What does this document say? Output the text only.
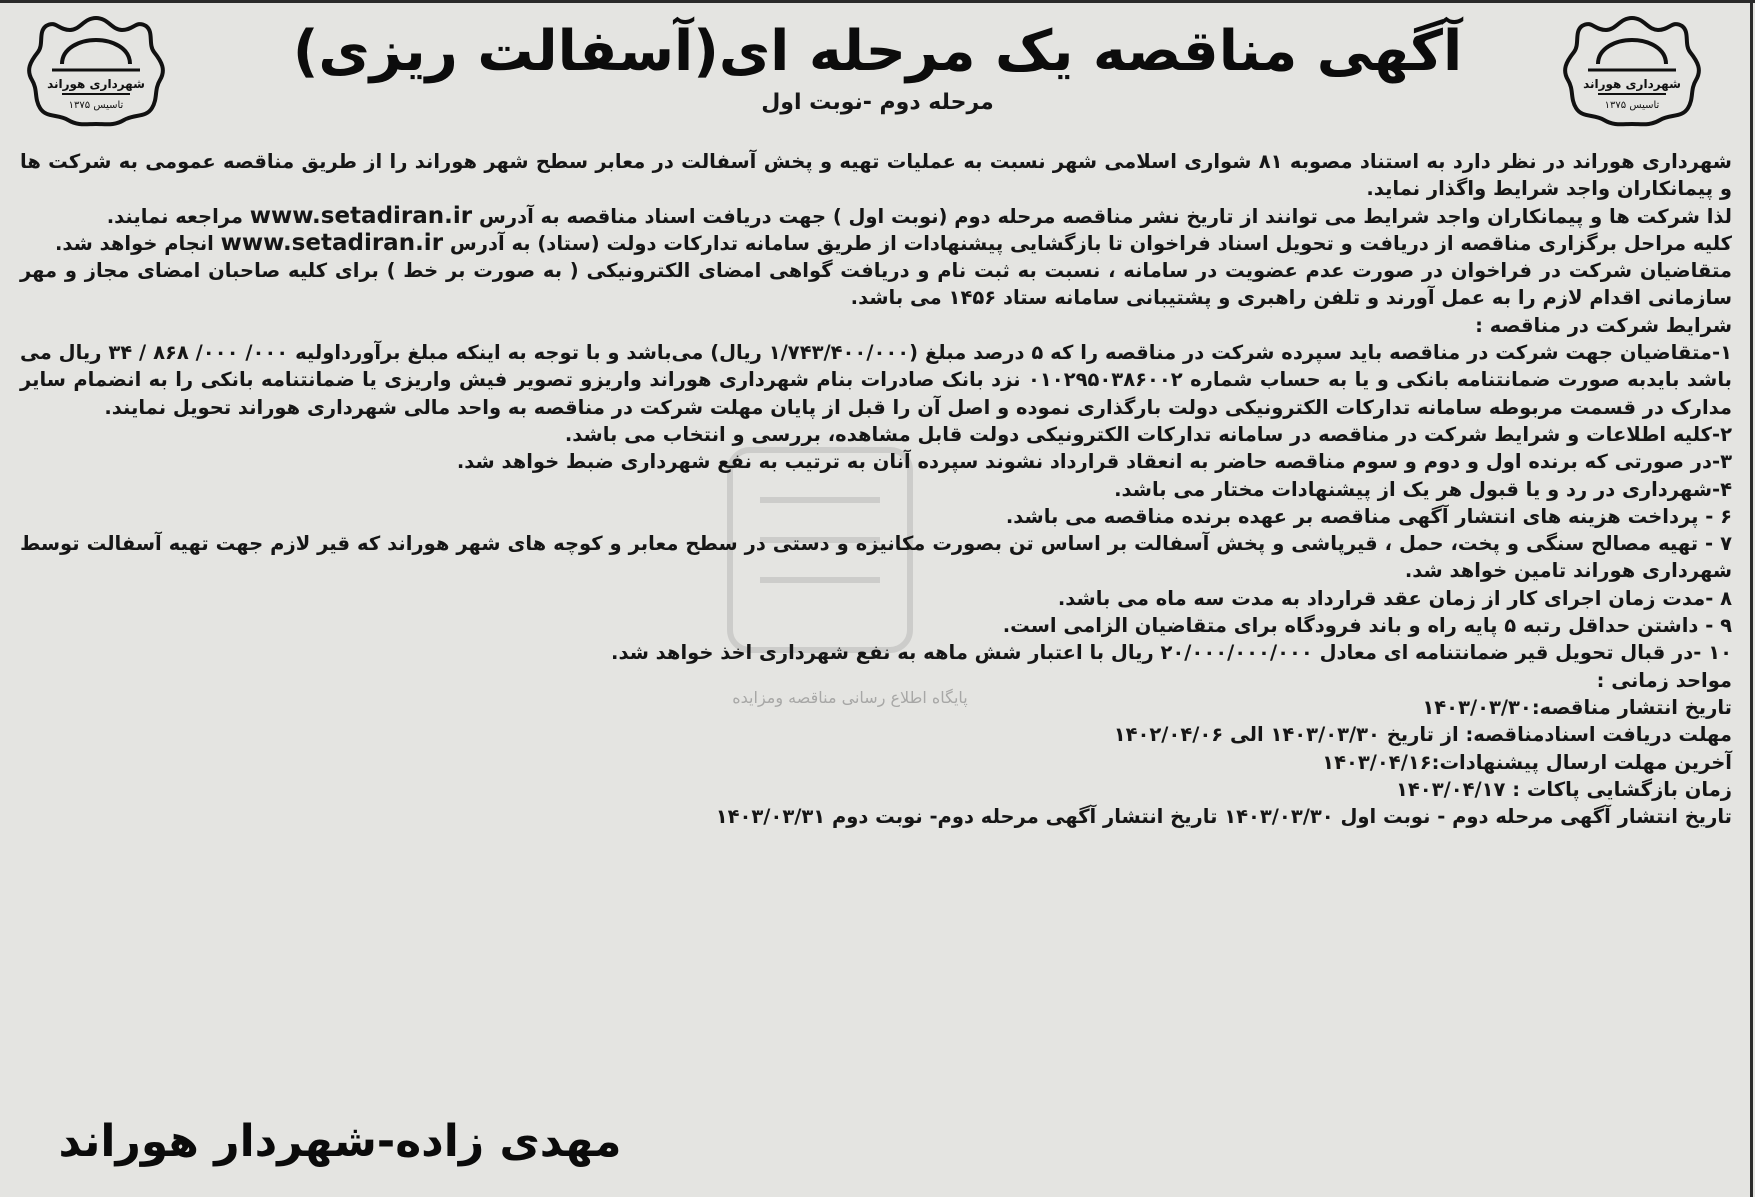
شهرداری هوراند
تاسیس ۱۳۷۵
شهرداری هوراند
تاسیس ۱۳۷۵
آگهی مناقصه یک مرحله ای(آسفالت ریزی)
مرحله دوم -نوبت اول
پایگاه اطلاع رسانی مناقصه ومزایده

شهرداری هوراند در نظر دارد به استناد مصوبه ۸۱ شوارى اسلامی شهر نسبت به عملیات تهیه و پخش آسفالت در معابر سطح شهر هوراند را از طریق مناقصه عمومی به شرکت ها و پیمانکاران واجد شرایط واگذار نماید.

لذا شرکت ها و پیمانکاران واجد شرایط می توانند از تاریخ نشر مناقصه مرحله دوم (نوبت اول ) جهت دریافت اسناد مناقصه به آدرس www.setadiran.ir مراجعه نمایند.

کلیه مراحل برگزاری مناقصه از دریافت و تحویل اسناد فراخوان تا بازگشایی پیشنهادات از طریق سامانه تدارکات دولت (ستاد) به آدرس www.setadiran.ir انجام خواهد شد.

متقاضیان شرکت در فراخوان در صورت عدم عضویت در سامانه ، نسبت به ثبت نام و دریافت گواهی امضای الکترونیکی ( به صورت بر خط ) برای کلیه صاحبان امضای مجاز و مهر سازمانی اقدام لازم را به عمل آورند و تلفن راهبری و پشتیبانی سامانه ستاد ۱۴۵۶ می باشد.

شرایط شرکت در مناقصه :

۱-متقاضیان جهت شرکت در مناقصه باید سپرده شرکت در مناقصه را که ۵ درصد مبلغ (۱/۷۴۳/۴۰۰/۰۰۰ ریال) می‌باشد و با توجه به اینکه مبلغ برآورداولیه ۰۰۰/ ۰۰۰/ ۸۶۸ / ۳۴ ریال می باشد بایدبه صورت ضمانتنامه بانکی و یا به حساب شماره ۰۱۰۲۹۵۰۳۸۶۰۰۲ نزد بانک صادرات بنام شهرداری هوراند واریزو تصویر فیش واریزی یا ضمانتنامه بانکی را به انضمام سایر مدارک در قسمت مربوطه سامانه تدارکات الکترونیکی دولت بارگذاری نموده و اصل آن را قبل از پایان مهلت شرکت در مناقصه به واحد مالی شهرداری هوراند تحویل نمایند.

۲-کلیه اطلاعات و شرایط شرکت در مناقصه در سامانه تدارکات الکترونیکی دولت قابل مشاهده، بررسی و انتخاب می باشد.

۳-در صورتی که برنده اول و دوم و سوم مناقصه حاضر به انعقاد قرارداد نشوند سپرده آنان به ترتیب به نفع شهرداری ضبط خواهد شد.

۴-شهرداری در رد و یا قبول هر یک از پیشنهادات مختار می باشد.

۶ - پرداخت هزینه های انتشار آگهی مناقصه بر عهده برنده مناقصه می باشد.

۷ - تهیه مصالح سنگی و پخت، حمل ، قیرپاشی و پخش آسفالت بر اساس تن بصورت مکانیزه و دستی در سطح معابر و کوچه های شهر هوراند که قیر لازم جهت تهیه آسفالت توسط شهرداری هوراند تامین خواهد شد.

۸ -مدت زمان اجرای کار از زمان عقد قرارداد به مدت سه ماه می باشد.

۹ - داشتن حداقل رتبه ۵ پایه راه و باند فرودگاه برای متقاضیان الزامی است.

۱۰ -در قبال تحویل قیر ضمانتنامه ای معادل ۲۰/۰۰۰/۰۰۰/۰۰۰ ریال با اعتبار شش ماهه به نفع شهرداری اخذ خواهد شد.

مواحد زمانی :

تاریخ انتشار مناقصه:۱۴۰۳/۰۳/۳۰

مهلت دریافت اسنادمناقصه: از تاریخ ۱۴۰۳/۰۳/۳۰ الی ۱۴۰۲/۰۴/۰۶

آخرین مهلت ارسال پیشنهادات:۱۴۰۳/۰۴/۱۶

زمان بازگشایی پاکات : ۱۴۰۳/۰۴/۱۷

تاریخ انتشار آگهی مرحله دوم - نوبت اول ۱۴۰۳/۰۳/۳۰ تاریخ انتشار آگهی مرحله دوم- نوبت دوم ۱۴۰۳/۰۳/۳۱

مهدی زاده-شهردار هوراند
